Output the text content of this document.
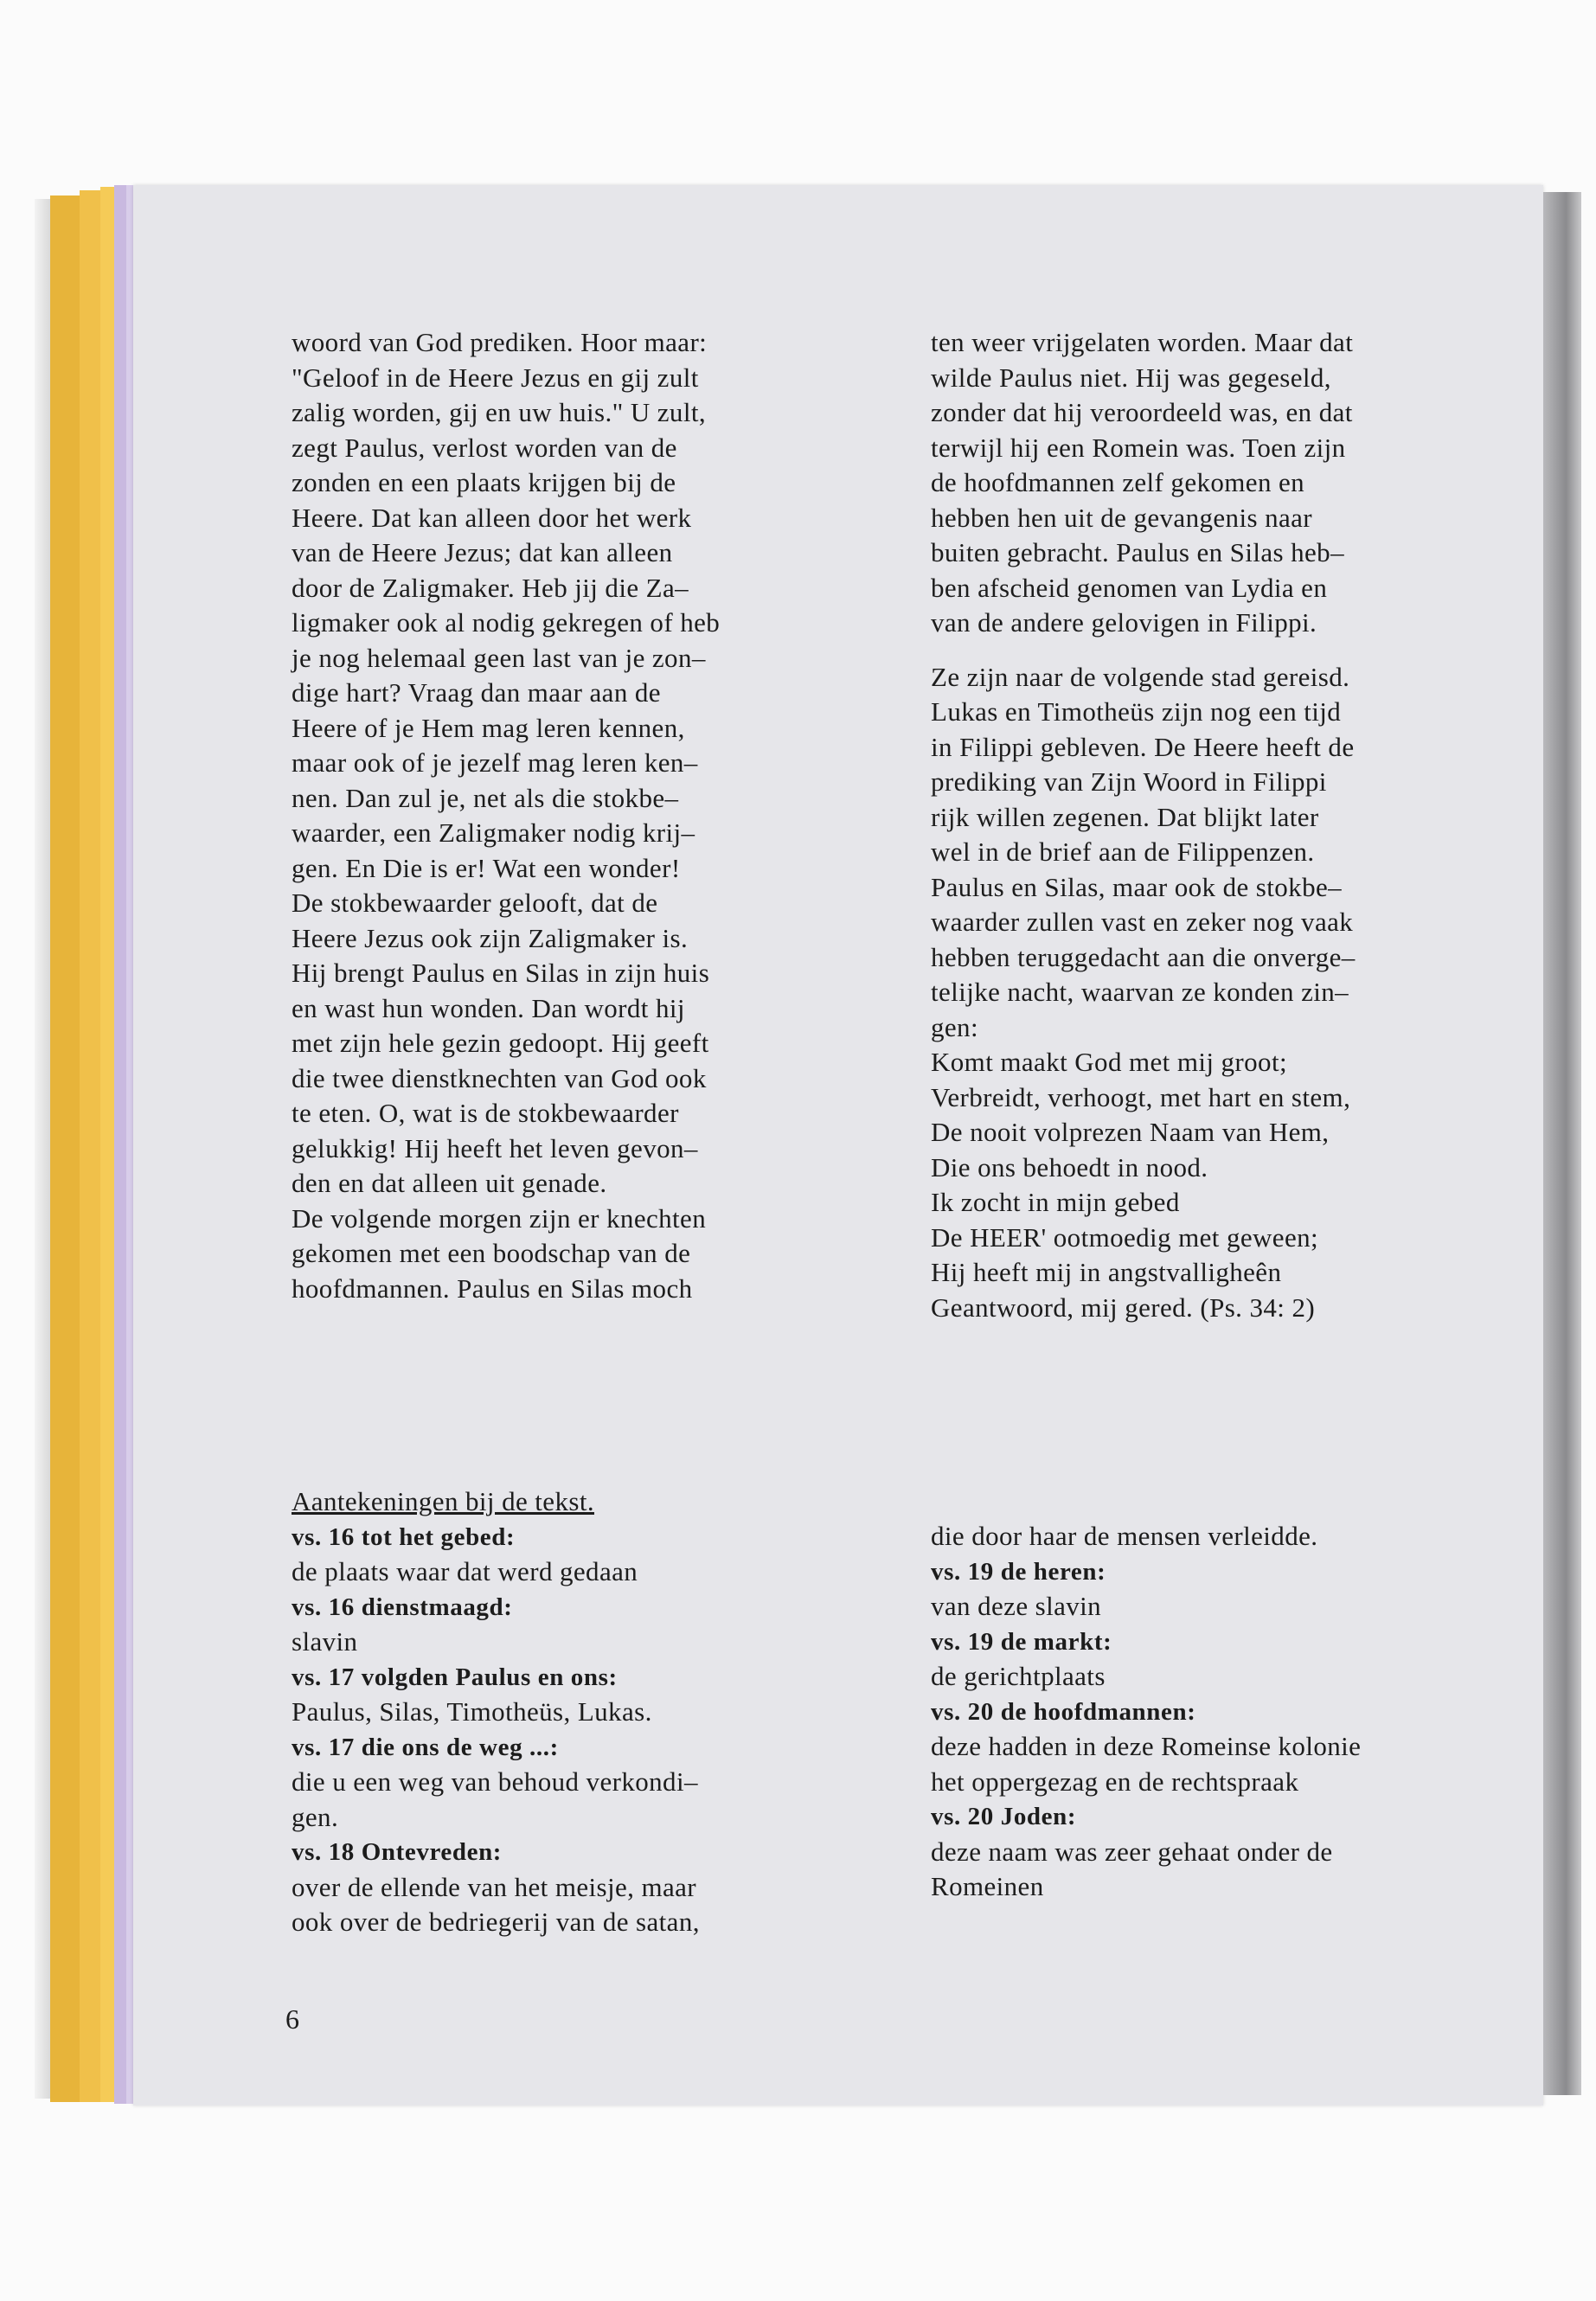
woord van God prediken. Hoor maar:
"Geloof in de Heere Jezus en gij zult
zalig worden, gij en uw huis." U zult,
zegt Paulus, verlost worden van de
zonden en een plaats krijgen bij de
Heere. Dat kan alleen door het werk
van de Heere Jezus; dat kan alleen
door de Zaligmaker. Heb jij die Za–
ligmaker ook al nodig gekregen of heb
je nog helemaal geen last van je zon–
dige hart? Vraag dan maar aan de
Heere of je Hem mag leren kennen,
maar ook of je jezelf mag leren ken–
nen. Dan zul je, net als die stokbe–
waarder, een Zaligmaker nodig krij–
gen. En Die is er! Wat een wonder!

De stokbewaarder gelooft, dat de
Heere Jezus ook zijn Zaligmaker is.
Hij brengt Paulus en Silas in zijn huis
en wast hun wonden. Dan wordt hij
met zijn hele gezin gedoopt. Hij geeft
die twee dienstknechten van God ook
te eten. O, wat is de stokbewaarder
gelukkig! Hij heeft het leven gevon–
den en dat alleen uit genade.

De volgende morgen zijn er knechten
gekomen met een boodschap van de
hoofdmannen. Paulus en Silas moch

ten weer vrijgelaten worden. Maar dat
wilde Paulus niet. Hij was gegeseld,
zonder dat hij veroordeeld was, en dat
terwijl hij een Romein was. Toen zijn
de hoofdmannen zelf gekomen en
hebben hen uit de gevangenis naar
buiten gebracht. Paulus en Silas heb–
ben afscheid genomen van Lydia en
van de andere gelovigen in Filippi.

Ze zijn naar de volgende stad gereisd.
Lukas en Timotheüs zijn nog een tijd
in Filippi gebleven. De Heere heeft de
prediking van Zijn Woord in Filippi
rijk willen zegenen. Dat blijkt later
wel in de brief aan de Filippenzen.
Paulus en Silas, maar ook de stokbe–
waarder zullen vast en zeker nog vaak
hebben teruggedacht aan die onverge–
telijke nacht, waarvan ze konden zin–
gen:

Komt maakt God met mij groot;
Verbreidt, verhoogt, met hart en stem,
De nooit volprezen Naam van Hem,
Die ons behoedt in nood.
Ik zocht in mijn gebed
De HEER' ootmoedig met geween;
Hij heeft mij in angstvalligheên
Geantwoord, mij gered. (Ps. 34: 2)

Aantekeningen bij de tekst.
vs. 16 tot het gebed:
de plaats waar dat werd gedaan
vs. 16 dienstmaagd:
slavin
vs. 17 volgden Paulus en ons:
Paulus, Silas, Timotheüs, Lukas.
vs. 17 die ons de weg ...:
die u een weg van behoud verkondi–
gen.
vs. 18 Ontevreden:
over de ellende van het meisje, maar
ook over de bedriegerij van de satan,
die door haar de mensen verleidde.
vs. 19 de heren:
van deze slavin
vs. 19 de markt:
de gerichtplaats
vs. 20 de hoofdmannen:
deze hadden in deze Romeinse kolonie
het oppergezag en de rechtspraak
vs. 20 Joden:
deze naam was zeer gehaat onder de
Romeinen
6
